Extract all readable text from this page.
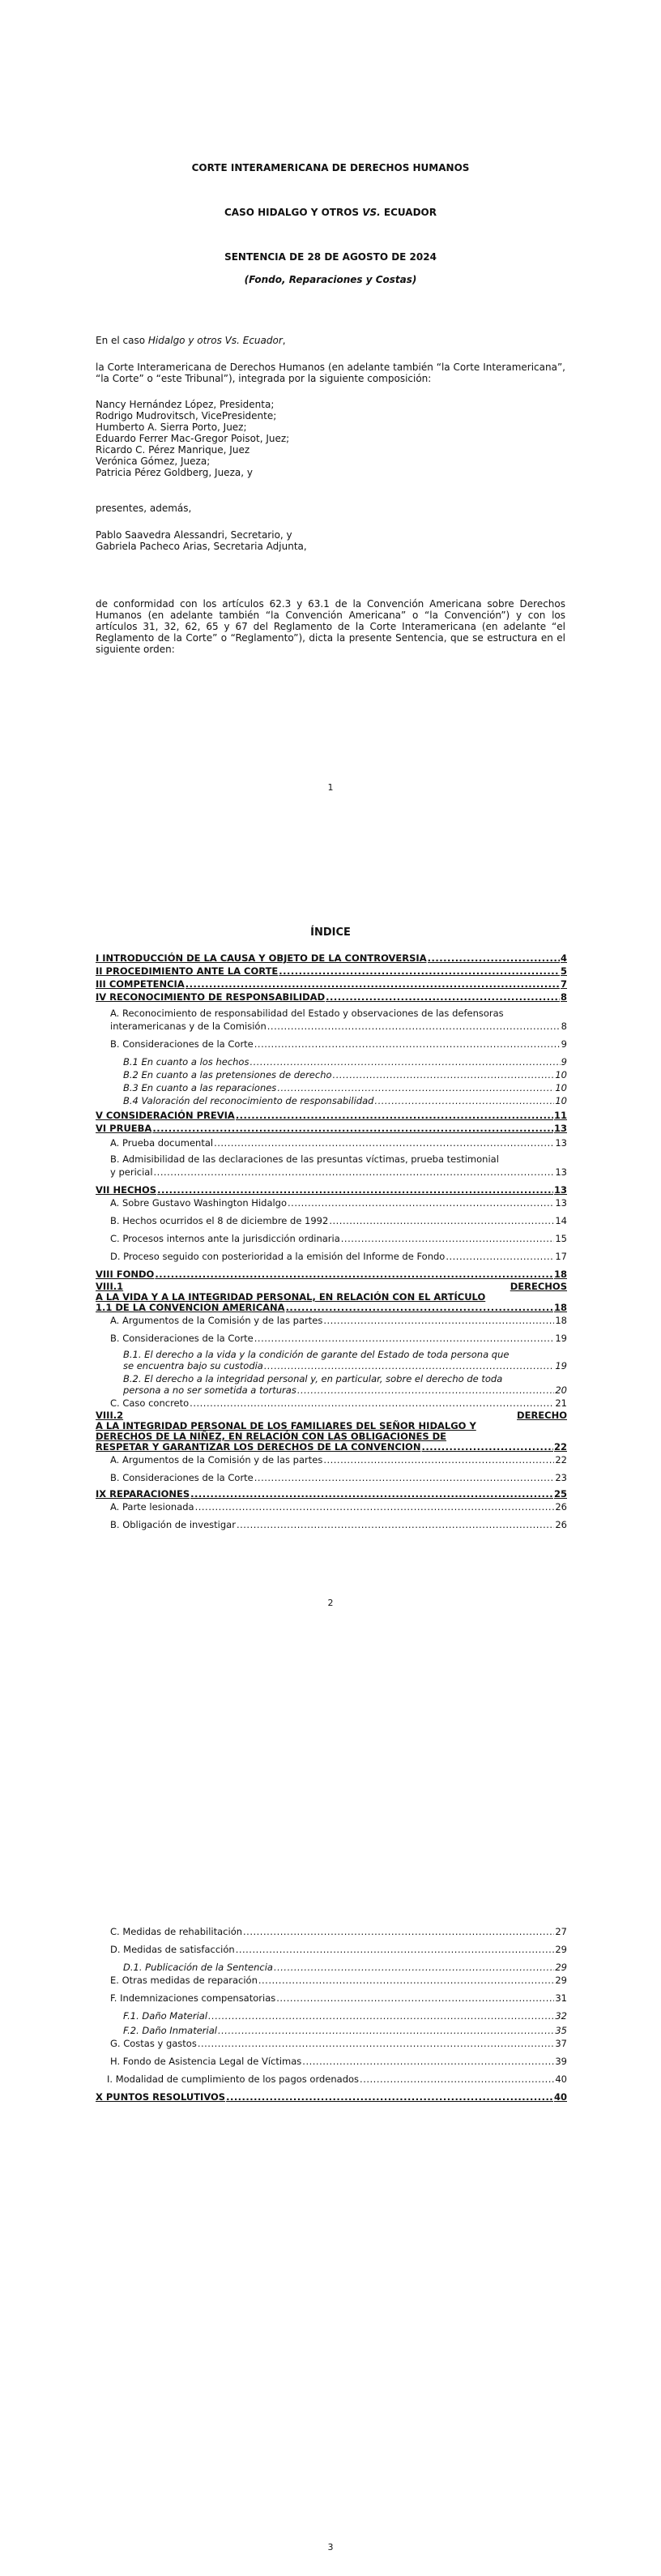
CORTE INTERAMERICANA DE DERECHOS HUMANOS
CASO HIDALGO Y OTROS VS. ECUADOR
SENTENCIA DE 28 DE AGOSTO DE 2024
(Fondo, Reparaciones y Costas)
En el caso Hidalgo y otros Vs. Ecuador,
la Corte Interamericana de Derechos Humanos (en adelante también “la Corte Interamericana”, “la Corte” o “este Tribunal”), integrada por la siguiente composición:
Nancy Hernández López, Presidenta;
Rodrigo Mudrovitsch, VicePresidente;
Humberto A. Sierra Porto, Juez;
Eduardo Ferrer Mac-Gregor Poisot, Juez;
Ricardo C. Pérez Manrique, Juez
Verónica Gómez, Jueza;
Patricia Pérez Goldberg, Jueza, y
presentes, además,
Pablo Saavedra Alessandri, Secretario, y
Gabriela Pacheco Arias, Secretaria Adjunta,
de conformidad con los artículos 62.3 y 63.1 de la Convención Americana sobre Derechos Humanos (en adelante también “la Convención Americana” o “la Convención”) y con los artículos 31, 32, 62, 65 y 67 del Reglamento de la Corte Interamericana (en adelante “el Reglamento de la Corte” o “Reglamento”), dicta la presente Sentencia, que se estructura en el siguiente orden:
1
ÍNDICE
I INTRODUCCIÓN DE LA CAUSA Y OBJETO DE LA CONTROVERSIA .....	4
II PROCEDIMIENTO ANTE LA CORTE .....	5
III COMPETENCIA .....	7
IV RECONOCIMIENTO DE RESPONSABILIDAD .....	8
A. Reconocimiento de responsabilidad del Estado y observaciones de las defensoras
interamericanas y de la Comisión .....	8
B. Consideraciones de la Corte .....	9
B.1 En cuanto a los hechos .....	9
B.2 En cuanto a las pretensiones de derecho .....	10
B.3 En cuanto a las reparaciones .....	10
B.4 Valoración del reconocimiento de responsabilidad .....	10
V CONSIDERACIÓN PREVIA .....	11
VI PRUEBA .....	13
A. Prueba documental .....	13
B. Admisibilidad de las declaraciones de las presuntas víctimas, prueba testimonial
y pericial .....	13
VII HECHOS .....	13
A. Sobre Gustavo Washington Hidalgo .....	13
B. Hechos ocurridos el 8 de diciembre de 1992 .....	14
C. Procesos internos ante la jurisdicción ordinaria .....	15
D. Proceso seguido con posterioridad a la emisión del Informe de Fondo .....	17
VIII FONDO .....	18
VIII.1	DERECHOS
A LA VIDA Y A LA INTEGRIDAD PERSONAL, EN RELACIÓN CON EL ARTÍCULO
1.1 DE LA CONVENCIÓN AMERICANA .....	18
A. Argumentos de la Comisión y de las partes .....	18
B. Consideraciones de la Corte .....	19
B.1. El derecho a la vida y la condición de garante del Estado de toda persona que
se encuentra bajo su custodia .....	19
B.2. El derecho a la integridad personal y, en particular, sobre el derecho de toda
persona a no ser sometida a torturas .....	20
C. Caso concreto .....	21
VIII.2	DERECHO
A LA INTEGRIDAD PERSONAL DE LOS FAMILIARES DEL SEÑOR HIDALGO Y
DERECHOS DE LA NIÑEZ, EN RELACIÓN CON LAS OBLIGACIONES DE
RESPETAR Y GARANTIZAR LOS DERECHOS DE LA CONVENCION .....	22
A. Argumentos de la Comisión y de las partes .....	22
B. Consideraciones de la Corte .....	23
IX REPARACIONES .....	25
A. Parte lesionada .....	26
B. Obligación de investigar .....	26
2
C. Medidas de rehabilitación .....	27
D. Medidas de satisfacción .....	29
D.1. Publicación de la Sentencia .....	29
E. Otras medidas de reparación .....	29
F. Indemnizaciones compensatorias .....	31
F.1. Daño Material .....	32
F.2. Daño Inmaterial .....	35
G. Costas y gastos .....	37
H. Fondo de Asistencia Legal de Víctimas .....	39
I. Modalidad de cumplimiento de los pagos ordenados .....	40
X PUNTOS RESOLUTIVOS .....	40
3
